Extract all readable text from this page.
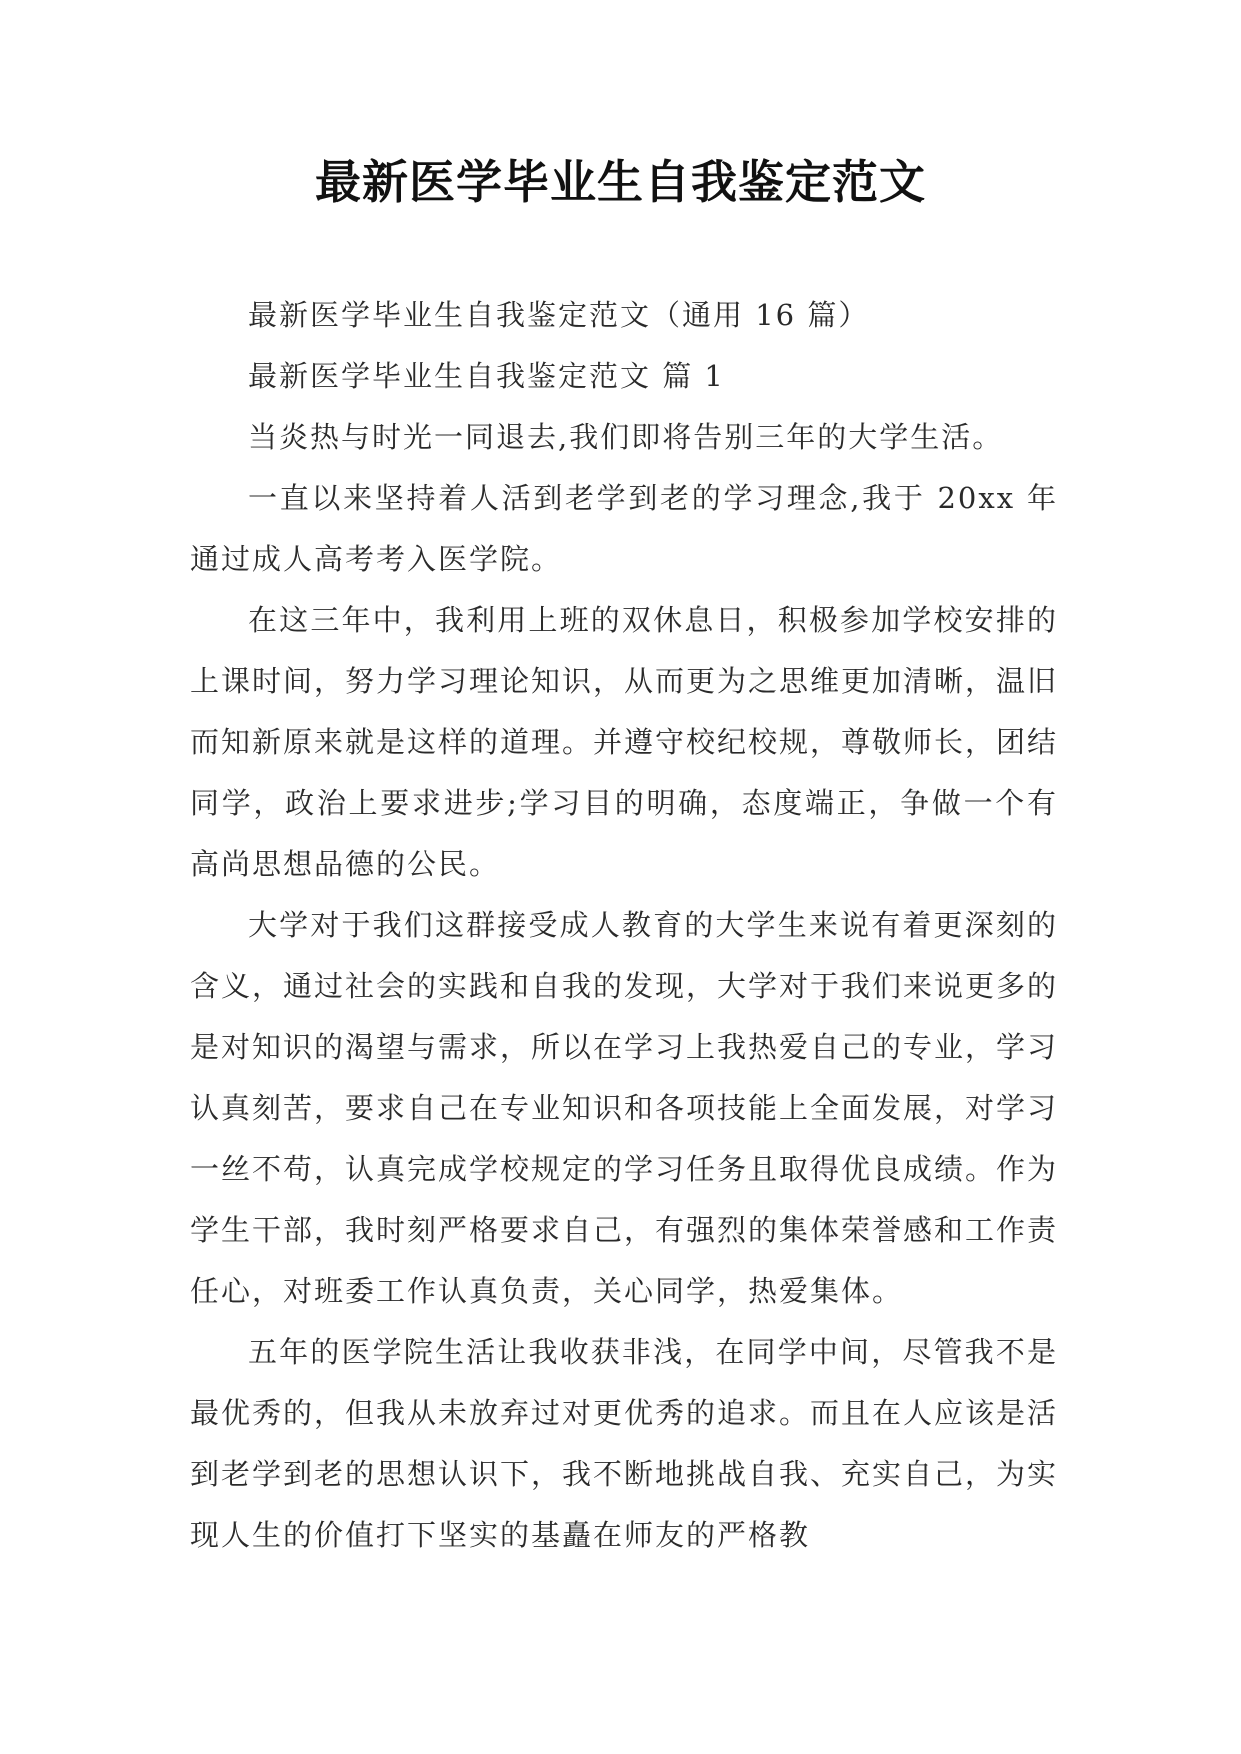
最新医学毕业生自我鉴定范文

最新医学毕业生自我鉴定范文（通用 16 篇）

最新医学毕业生自我鉴定范文 篇 1

当炎热与时光一同退去,我们即将告别三年的大学生活。

一直以来坚持着人活到老学到老的学习理念,我于 20xx 年通过成人高考考入医学院。

在这三年中，我利用上班的双休息日，积极参加学校安排的上课时间，努力学习理论知识，从而更为之思维更加清晰，温旧而知新原来就是这样的道理。并遵守校纪校规，尊敬师长，团结同学，政治上要求进步;学习目的明确，态度端正，争做一个有高尚思想品德的公民。

大学对于我们这群接受成人教育的大学生来说有着更深刻的含义，通过社会的实践和自我的发现，大学对于我们来说更多的是对知识的渴望与需求，所以在学习上我热爱自己的专业，学习认真刻苦，要求自己在专业知识和各项技能上全面发展，对学习一丝不苟，认真完成学校规定的学习任务且取得优良成绩。作为学生干部，我时刻严格要求自己，有强烈的集体荣誉感和工作责任心，对班委工作认真负责，关心同学，热爱集体。

五年的医学院生活让我收获非浅，在同学中间，尽管我不是最优秀的，但我从未放弃过对更优秀的追求。而且在人应该是活到老学到老的思想认识下，我不断地挑战自我、充实自己，为实现人生的价值打下坚实的基矗在师友的严格教
